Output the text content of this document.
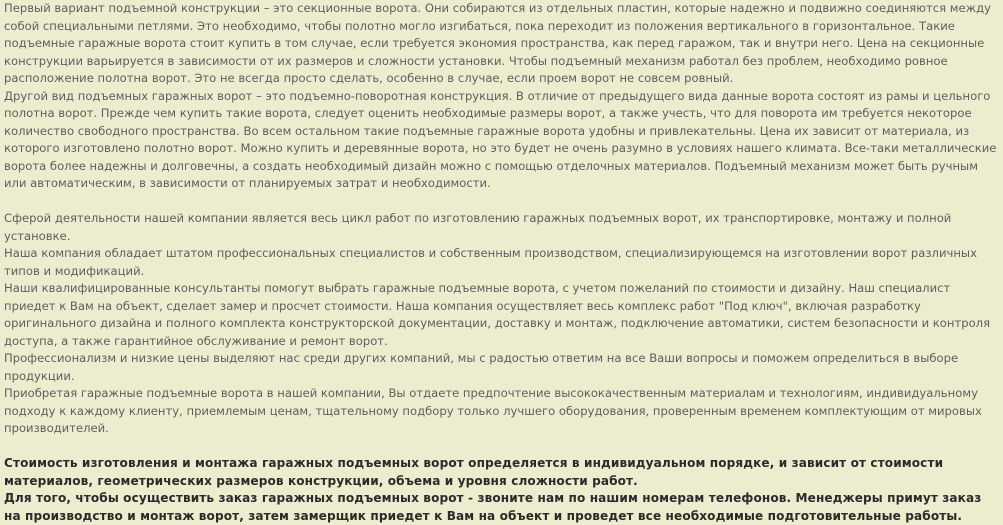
Первый вариант подъемной конструкции – это секционные ворота. Они собираются из отдельных пластин, которые надежно и подвижно соединяются между собой специальными петлями. Это необходимо, чтобы полотно могло изгибаться, пока переходит из положения вертикального в горизонтальное. Такие подъемные гаражные ворота стоит купить в том случае, если требуется экономия пространства, как перед гаражом, так и внутри него. Цена на секционные конструкции варьируется в зависимости от их размеров и сложности установки. Чтобы подъемный механизм работал без проблем, необходимо ровное расположение полотна ворот. Это не всегда просто сделать, особенно в случае, если проем ворот не совсем ровный.

Другой вид подъемных гаражных ворот – это подъемно-поворотная конструкция. В отличие от предыдущего вида данные ворота состоят из рамы и цельного полотна ворот. Прежде чем купить такие ворота, следует оценить необходимые размеры ворот, а также учесть, что для поворота им требуется некоторое количество свободного пространства. Во всем остальном такие подъемные гаражные ворота удобны и привлекательны. Цена их зависит от материала, из которого изготовлено полотно ворот. Можно купить и деревянные ворота, но это будет не очень разумно в условиях нашего климата. Все-таки металлические ворота более надежны и долговечны, а создать необходимый дизайн можно с помощью отделочных материалов. Подъемный механизм может быть ручным или автоматическим, в зависимости от планируемых затрат и необходимости.

Сферой деятельности нашей компании является весь цикл работ по изготовлению гаражных подъемных ворот, их транспортировке, монтажу и полной установке.

Наша компания обладает штатом профессиональных специалистов и собственным производством, специализирующемся на изготовлении ворот различных типов и модификаций.

Наши квалифицированные консультанты помогут выбрать гаражные подъемные ворота, с учетом пожеланий по стоимости и дизайну. Наш специалист приедет к Вам на объект, сделает замер и просчет стоимости. Наша компания осуществляет весь комплекс работ "Под ключ", включая разработку оригинального дизайна и полного комплекта конструкторской документации, доставку и монтаж, подключение автоматики, систем безопасности и контроля доступа, а также гарантийное обслуживание и ремонт ворот.

Профессионализм и низкие цены выделяют нас среди других компаний, мы с радостью ответим на все Ваши вопросы и поможем определиться в выборе продукции.

Приобретая гаражные подъемные ворота в нашей компании, Вы отдаете предпочтение высококачественным материалам и технологиям, индивидуальному подходу к каждому клиенту, приемлемым ценам, тщательному подбору только лучшего оборудования, проверенным временем комплектующим от мировых производителей.

Стоимость изготовления и монтажа гаражных подъемных ворот определяется в индивидуальном порядке, и зависит от стоимости материалов, геометрических размеров конструкции, объема и уровня сложности работ.

Для того, чтобы осуществить заказ гаражных подъемных ворот - звоните нам по нашим номерам телефонов. Менеджеры примут заказ на производство и монтаж ворот, затем замерщик приедет к Вам на объект и проведет все необходимые подготовительные работы.
